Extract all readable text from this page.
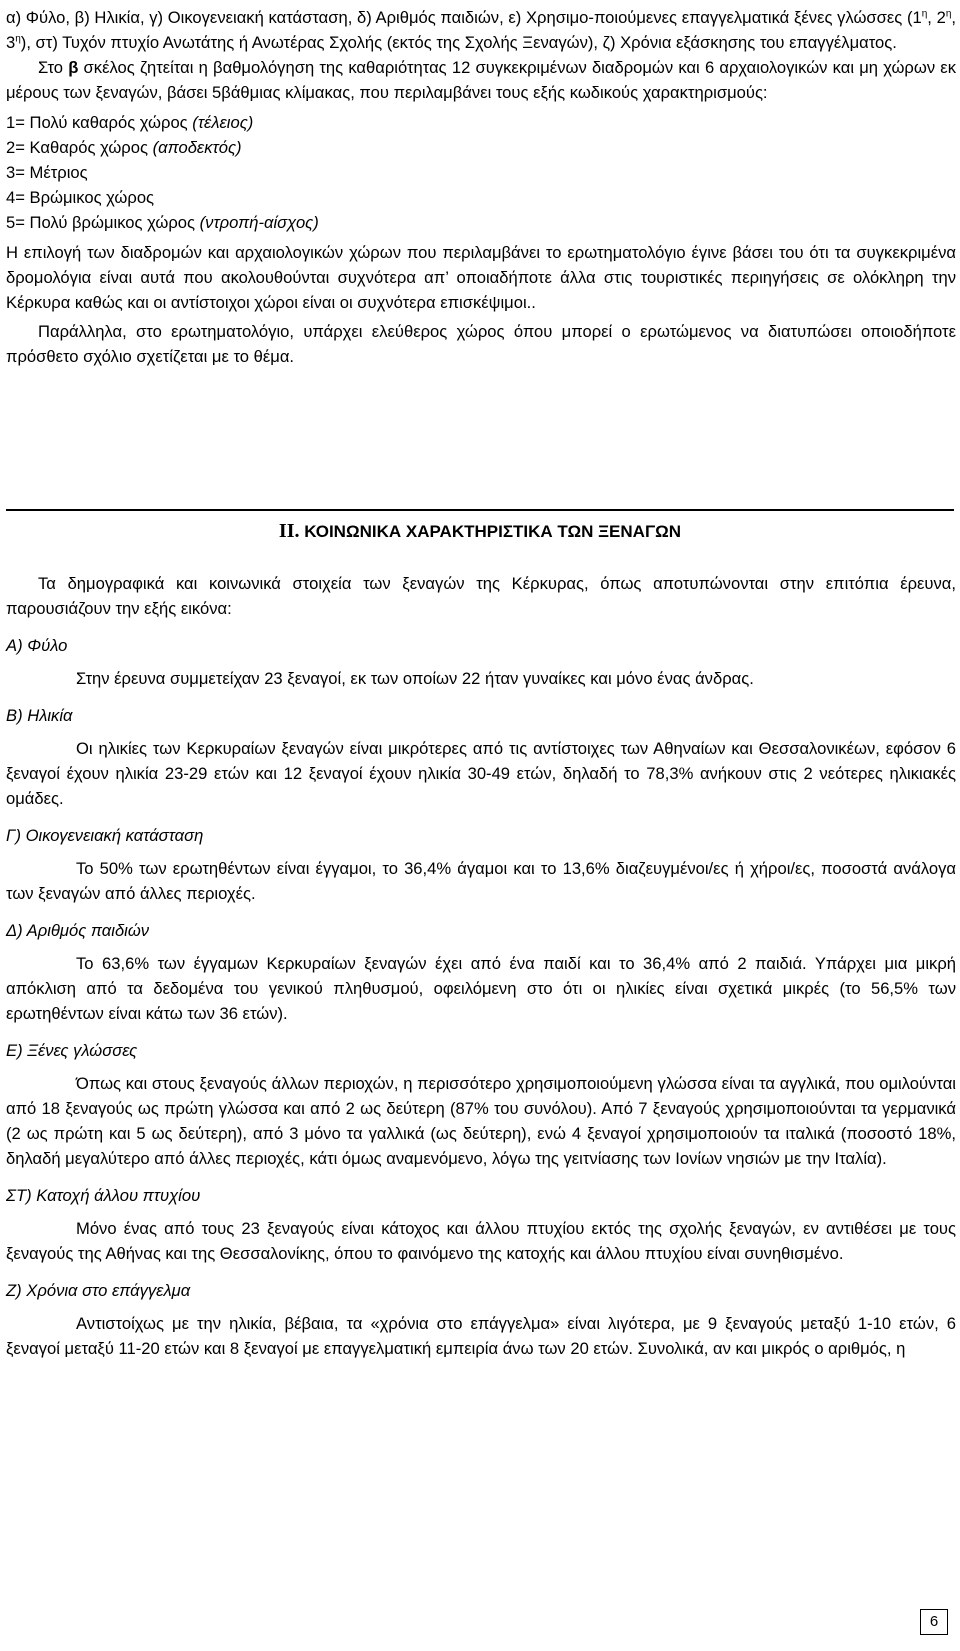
α) Φύλο, β) Ηλικία, γ) Οικογενειακή κατάσταση, δ) Αριθμός παιδιών, ε) Χρησιμο-ποιούμενες επαγγελματικά ξένες γλώσσες ($1^\eta$, $2^\eta$, $3^\eta$), στ) Τυχόν πτυχίο Ανωτάτης ή Ανωτέρας Σχολής (εκτός της Σχολής Ξεναγών), ζ) Χρόνια εξάσκησης του επαγγέλματος.

Στο β σκέλος ζητείται η βαθμολόγηση της καθαριότητας 12 συγκεκριμένων διαδρομών και 6 αρχαιολογικών και μη χώρων εκ μέρους των ξεναγών, βάσει 5βάθμιας κλίμακας, που περιλαμβάνει τους εξής κωδικούς χαρακτηρισμούς:

1= Πολύ καθαρός χώρος (τέλειος)
2= Καθαρός χώρος (αποδεκτός)
3= Μέτριος
4= Βρώμικος χώρος
5= Πολύ βρώμικος χώρος (ντροπή-αίσχος)

Η επιλογή των διαδρομών και αρχαιολογικών χώρων που περιλαμβάνει το ερωτηματολόγιο έγινε βάσει του ότι τα συγκεκριμένα δρομολόγια είναι αυτά που ακολουθούνται συχνότερα απ’ οποιαδήποτε άλλα στις τουριστικές περιηγήσεις σε ολόκληρη την Κέρκυρα καθώς και οι αντίστοιχοι χώροι είναι οι συχνότερα επισκέψιμοι..

Παράλληλα, στο ερωτηματολόγιο, υπάρχει ελεύθερος χώρος όπου μπορεί ο ερωτώμενος να διατυπώσει οποιοδήποτε πρόσθετο σχόλιο σχετίζεται με το θέμα.

II. ΚΟΙΝΩΝΙΚΑ ΧΑΡΑΚΤΗΡΙΣΤΙΚΑ ΤΩΝ ΞΕΝΑΓΩΝ

Τα δημογραφικά και κοινωνικά στοιχεία των ξεναγών της Κέρκυρας, όπως αποτυπώνονται στην επιτόπια έρευνα, παρουσιάζουν την εξής εικόνα:

Α) Φύλο

Στην έρευνα συμμετείχαν 23 ξεναγοί, εκ των οποίων 22 ήταν γυναίκες και μόνο ένας άνδρας.

Β) Ηλικία

Οι ηλικίες των Κερκυραίων ξεναγών είναι μικρότερες από τις αντίστοιχες των Αθηναίων και Θεσσαλονικέων, εφόσον 6 ξεναγοί έχουν ηλικία 23-29 ετών και 12 ξεναγοί έχουν ηλικία 30-49 ετών, δηλαδή το 78,3% ανήκουν στις 2 νεότερες ηλικιακές ομάδες.

Γ) Οικογενειακή κατάσταση

Το 50% των ερωτηθέντων είναι έγγαμοι, το 36,4% άγαμοι και το 13,6% διαζευγμένοι/ες ή χήροι/ες, ποσοστά ανάλογα των ξεναγών από άλλες περιοχές.

Δ) Αριθμός παιδιών

Το 63,6% των έγγαμων Κερκυραίων ξεναγών έχει από ένα παιδί και το 36,4% από 2 παιδιά. Υπάρχει μια μικρή απόκλιση από τα δεδομένα του γενικού πληθυσμού, οφειλόμενη στο ότι οι ηλικίες είναι σχετικά μικρές (το 56,5% των ερωτηθέντων είναι κάτω των 36 ετών).

Ε) Ξένες γλώσσες

Όπως και στους ξεναγούς άλλων περιοχών, η περισσότερο χρησιμοποιούμενη γλώσσα είναι τα αγγλικά, που ομιλούνται από 18 ξεναγούς ως πρώτη γλώσσα και από 2 ως δεύτερη (87% του συνόλου). Από 7 ξεναγούς χρησιμοποιούνται τα γερμανικά (2 ως πρώτη και 5 ως δεύτερη), από 3 μόνο τα γαλλικά (ως δεύτερη), ενώ 4 ξεναγοί χρησιμοποιούν τα ιταλικά (ποσοστό 18%, δηλαδή μεγαλύτερο από άλλες περιοχές, κάτι όμως αναμενόμενο, λόγω της γειτνίασης των Ιονίων νησιών με την Ιταλία).

ΣΤ) Κατοχή άλλου πτυχίου

Μόνο ένας από τους 23 ξεναγούς είναι κάτοχος και άλλου πτυχίου εκτός της σχολής ξεναγών, εν αντιθέσει με τους ξεναγούς της Αθήνας και της Θεσσαλονίκης, όπου το φαινόμενο της κατοχής και άλλου πτυχίου είναι συνηθισμένο.

Ζ) Χρόνια στο επάγγελμα

Αντιστοίχως με την ηλικία, βέβαια, τα «χρόνια στο επάγγελμα» είναι λιγότερα, με 9 ξεναγούς μεταξύ 1-10 ετών, 6 ξεναγοί μεταξύ 11-20 ετών και 8 ξεναγοί με επαγγελματική εμπειρία άνω των 20 ετών. Συνολικά, αν και μικρός ο αριθμός, η

6
